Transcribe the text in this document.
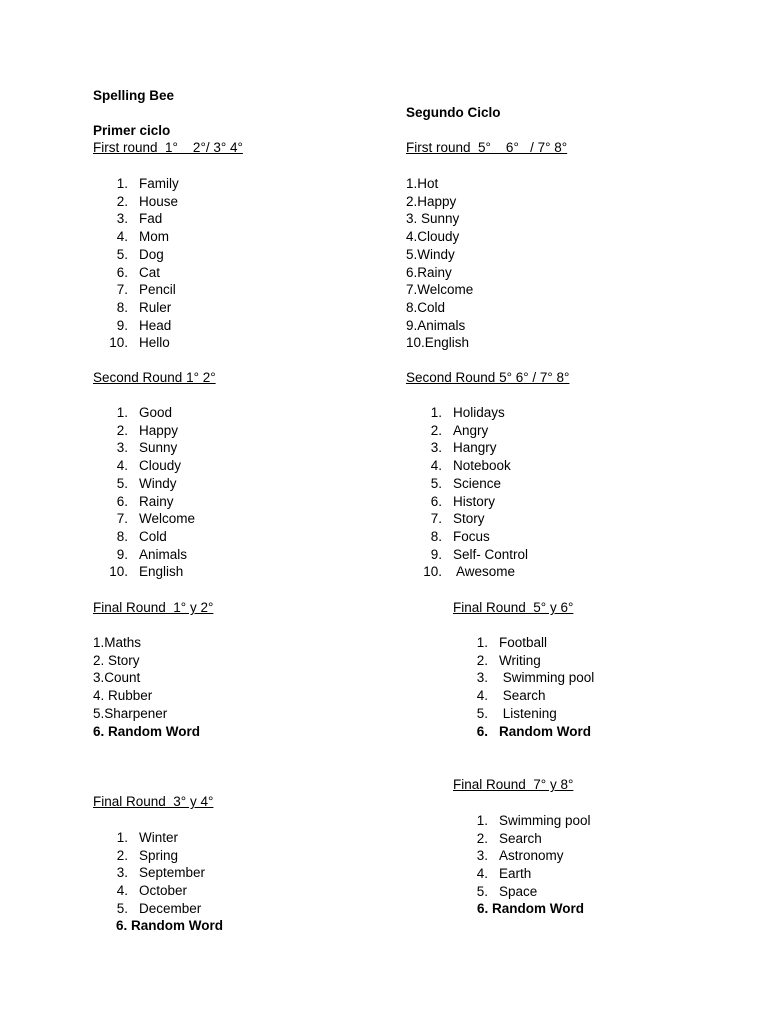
Spelling Bee
Primer ciclo
First round  1°    2°/ 3° 4°
1. Family
2. House
3. Fad
4. Mom
5. Dog
6. Cat
7. Pencil
8. Ruler
9. Head
10. Hello
Second Round 1° 2°
1. Good
2. Happy
3. Sunny
4. Cloudy
5. Windy
6. Rainy
7. Welcome
8. Cold
9. Animals
10. English
Final Round  1° y 2°
1.Maths
2. Story
3.Count
4. Rubber
5.Sharpener
6. Random Word
Final Round  3° y 4°
1. Winter
2. Spring
3. September
4. October
5. December
6. Random Word
Segundo Ciclo
First round  5°    6°   / 7° 8°
1.Hot
2.Happy
3. Sunny
4.Cloudy
5.Windy
6.Rainy
7.Welcome
8.Cold
9.Animals
10.English
Second Round 5° 6° / 7° 8°
1. Holidays
2. Angry
3. Hangry
4. Notebook
5. Science
6. History
7. Story
8. Focus
9. Self- Control
10. Awesome
Final Round  5° y 6°
1. Football
2. Writing
3. Swimming pool
4. Search
5. Listening
6. Random Word
Final Round  7° y 8°
1. Swimming pool
2. Search
3. Astronomy
4. Earth
5. Space
6. Random Word
